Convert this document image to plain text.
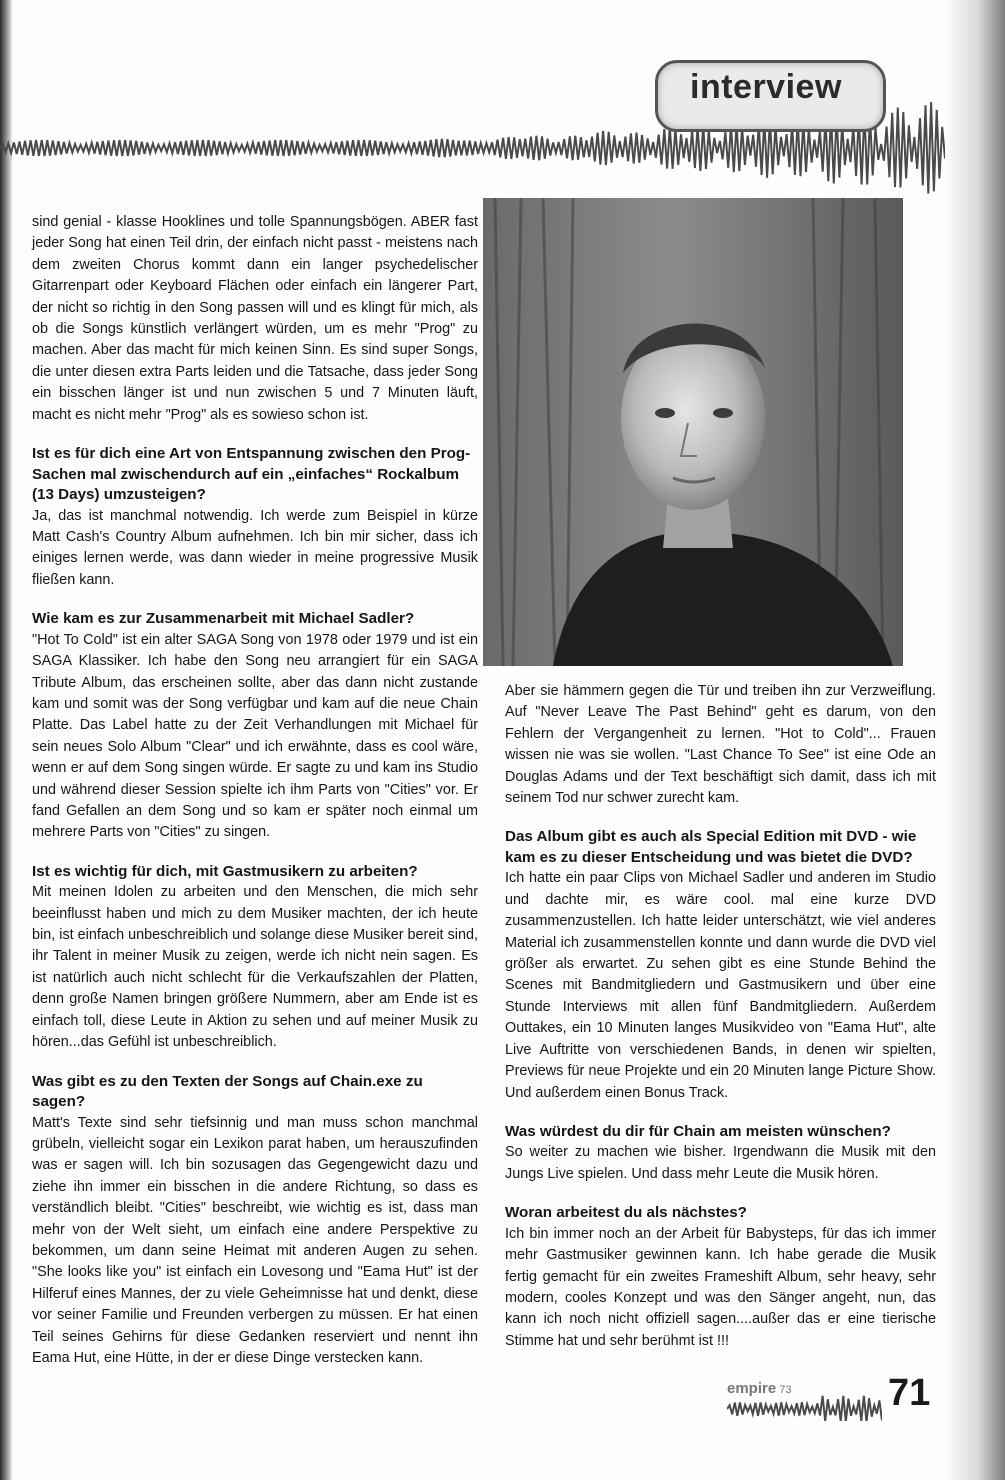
interview

sind genial - klasse Hooklines und tolle Spannungsbögen. ABER fast jeder Song hat einen Teil drin, der einfach nicht passt - meistens nach dem zweiten Chorus kommt dann ein langer psychedelischer Gitarrenpart oder Keyboard Flächen oder einfach ein längerer Part, der nicht so richtig in den Song passen will und es klingt für mich, als ob die Songs künstlich verlängert würden, um es mehr "Prog" zu machen. Aber das macht für mich keinen Sinn. Es sind super Songs, die unter diesen extra Parts leiden und die Tatsache, dass jeder Song ein bisschen länger ist und nun zwischen 5 und 7 Minuten läuft, macht es nicht mehr "Prog" als es sowieso schon ist.

Ist es für dich eine Art von Entspannung zwischen den Prog-Sachen mal zwischendurch auf ein „einfaches“ Rockalbum (13 Days) umzusteigen?
Ja, das ist manchmal notwendig. Ich werde zum Beispiel in kürze Matt Cash's Country Album aufnehmen. Ich bin mir sicher, dass ich einiges lernen werde, was dann wieder in meine progressive Musik fließen kann.

Wie kam es zur Zusammenarbeit mit Michael Sadler?
"Hot To Cold" ist ein alter SAGA Song von 1978 oder 1979 und ist ein SAGA Klassiker. Ich habe den Song neu arrangiert für ein SAGA Tribute Album, das erscheinen sollte, aber das dann nicht zustande kam und somit was der Song verfügbar und kam auf die neue Chain Platte. Das Label hatte zu der Zeit Verhandlungen mit Michael für sein neues Solo Album "Clear" und ich erwähnte, dass es cool wäre, wenn er auf dem Song singen würde. Er sagte zu und kam ins Studio und während dieser Session spielte ich ihm Parts von "Cities" vor. Er fand Gefallen an dem Song und so kam er später noch einmal um mehrere Parts von "Cities" zu singen.

Ist es wichtig für dich, mit Gastmusikern zu arbeiten?
Mit meinen Idolen zu arbeiten und den Menschen, die mich sehr beeinflusst haben und mich zu dem Musiker machten, der ich heute bin, ist einfach unbeschreiblich und solange diese Musiker bereit sind, ihr Talent in meiner Musik zu zeigen, werde ich nicht nein sagen. Es ist natürlich auch nicht schlecht für die Verkaufszahlen der Platten, denn große Namen bringen größere Nummern, aber am Ende ist es einfach toll, diese Leute in Aktion zu sehen und auf meiner Musik zu hören...das Gefühl ist unbeschreiblich.

Was gibt es zu den Texten der Songs auf Chain.exe zu sagen?
Matt's Texte sind sehr tiefsinnig und man muss schon manchmal grübeln, vielleicht sogar ein Lexikon parat haben, um herauszufinden was er sagen will. Ich bin sozusagen das Gegengewicht dazu und ziehe ihn immer ein bisschen in die andere Richtung, so dass es verständlich bleibt. "Cities" beschreibt, wie wichtig es ist, dass man mehr von der Welt sieht, um einfach eine andere Perspektive zu bekommen, um dann seine Heimat mit anderen Augen zu sehen. "She looks like you" ist einfach ein Lovesong und "Eama Hut" ist der Hilferuf eines Mannes, der zu viele Geheimnisse hat und denkt, diese vor seiner Familie und Freunden verbergen zu müssen. Er hat einen Teil seines Gehirns für diese Gedanken reserviert und nennt ihn Eama Hut, eine Hütte, in der er diese Dinge verstecken kann.

Aber sie hämmern gegen die Tür und treiben ihn zur Verzweiflung. Auf "Never Leave The Past Behind" geht es darum, von den Fehlern der Vergangenheit zu lernen. "Hot to Cold"... Frauen wissen nie was sie wollen. "Last Chance To See" ist eine Ode an Douglas Adams und der Text beschäftigt sich damit, dass ich mit seinem Tod nur schwer zurecht kam.

Das Album gibt es auch als Special Edition mit DVD - wie kam es zu dieser Entscheidung und was bietet die DVD?
Ich hatte ein paar Clips von Michael Sadler und anderen im Studio und dachte mir, es wäre cool. mal eine kurze DVD zusammenzustellen. Ich hatte leider unterschätzt, wie viel anderes Material ich zusammenstellen konnte und dann wurde die DVD viel größer als erwartet. Zu sehen gibt es eine Stunde Behind the Scenes mit Bandmitgliedern und Gastmusikern und über eine Stunde Interviews mit allen fünf Bandmitgliedern. Außerdem Outtakes, ein 10 Minuten langes Musikvideo von "Eama Hut", alte Live Auftritte von verschiedenen Bands, in denen wir spielten, Previews für neue Projekte und ein 20 Minuten lange Picture Show. Und außerdem einen Bonus Track.

Was würdest du dir für Chain am meisten wünschen?
So weiter zu machen wie bisher. Irgendwann die Musik mit den Jungs Live spielen. Und dass mehr Leute die Musik hören.

Woran arbeitest du als nächstes?
Ich bin immer noch an der Arbeit für Babysteps, für das ich immer mehr Gastmusiker gewinnen kann. Ich habe gerade die Musik fertig gemacht für ein zweites Frameshift Album, sehr heavy, sehr modern, cooles Konzept und was den Sänger angeht, nun, das kann ich noch nicht offiziell sagen....außer das er eine tierische Stimme hat und sehr berühmt ist !!!

empire 73	71
